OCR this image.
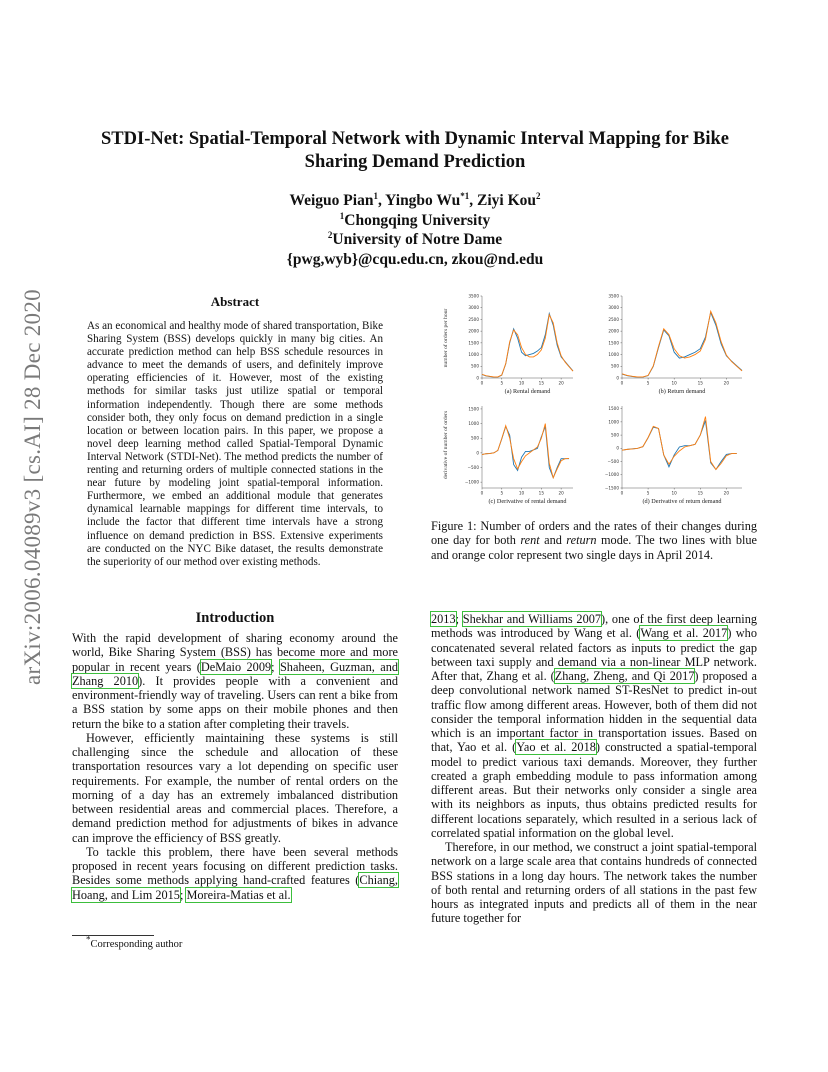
arXiv:2006.04089v3 [cs.AI] 28 Dec 2020
STDI-Net: Spatial-Temporal Network with Dynamic Interval Mapping for Bike Sharing Demand Prediction
Weiguo Pian$^1$, Yingbo Wu$^{*1}$, Ziyi Kou$^2$
$^1$Chongqing University
$^2$University of Notre Dame
{pwg,wyb}@cqu.edu.cn, zkou@nd.edu
Abstract
As an economical and healthy mode of shared transportation, Bike Sharing System (BSS) develops quickly in many big cities. An accurate prediction method can help BSS schedule resources in advance to meet the demands of users, and definitely improve operating efficiencies of it. However, most of the existing methods for similar tasks just utilize spatial or temporal information independently. Though there are some methods consider both, they only focus on demand prediction in a single location or between location pairs. In this paper, we propose a novel deep learning method called Spatial-Temporal Dynamic Interval Network (STDI-Net). The method predicts the number of renting and returning orders of multiple connected stations in the near future by modeling joint spatial-temporal information. Furthermore, we embed an additional module that generates dynamical learnable mappings for different time intervals, to include the factor that different time intervals have a strong influence on demand prediction in BSS. Extensive experiments are conducted on the NYC Bike dataset, the results demonstrate the superiority of our method over existing methods.
Introduction

With the rapid development of sharing economy around the world, Bike Sharing System (BSS) has become more and more popular in recent years (DeMaio 2009; Shaheen, Guzman, and Zhang 2010). It provides people with a convenient and environment-friendly way of traveling. Users can rent a bike from a BSS station by some apps on their mobile phones and then return the bike to a station after completing their travels.

However, efficiently maintaining these systems is still challenging since the schedule and allocation of these transportation resources vary a lot depending on specific user requirements. For example, the number of rental orders on the morning of a day has an extremely imbalanced distribution between residential areas and commercial places. Therefore, a demand prediction method for adjustments of bikes in advance can improve the efficiency of BSS greatly.

To tackle this problem, there have been several methods proposed in recent years focusing on different prediction tasks. Besides some methods applying hand-crafted features (Chiang, Hoang, and Lim 2015; Moreira-Matias et al.

*Corresponding author
3500
3000
2500
2000
1500
1000
500
0
0	5	10	15	20
(a) Rental demand
3500
3000
2500
2000
1500
1000
500
0
0	5	10	15	20
(b) Return demand
1500
1000
500
0
−500
−1000
0	5	10	15	20
(c) Derivative of rental demand
1500
1000
500
0
−500
−1000
−1500
0	5	10	15	20
(d) Derivative of return demand
number of orders per hour
derivative of number of orders
Figure 1: Number of orders and the rates of their changes during one day for both rent and return mode. The two lines with blue and orange color represent two single days in April 2014.

2013; Shekhar and Williams 2007), one of the first deep learning methods was introduced by Wang et al. (Wang et al. 2017) who concatenated several related factors as inputs to predict the gap between taxi supply and demand via a non-linear MLP network. After that, Zhang et al. (Zhang, Zheng, and Qi 2017) proposed a deep convolutional network named ST-ResNet to predict in-out traffic flow among different areas. However, both of them did not consider the temporal information hidden in the sequential data which is an important factor in transportation issues. Based on that, Yao et al. (Yao et al. 2018) constructed a spatial-temporal model to predict various taxi demands. Moreover, they further created a graph embedding module to pass information among different areas. But their networks only consider a single area with its neighbors as inputs, thus obtains predicted results for different locations separately, which resulted in a serious lack of correlated spatial information on the global level.

Therefore, in our method, we construct a joint spatial-temporal network on a large scale area that contains hundreds of connected BSS stations in a long day hours. The network takes the number of both rental and returning orders of all stations in the past few hours as integrated inputs and predicts all of them in the near future together for
